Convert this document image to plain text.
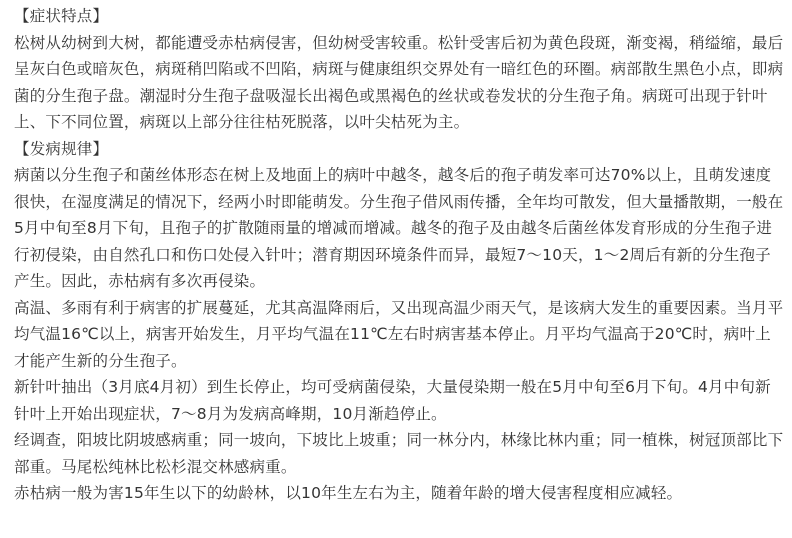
【症状特点】

松树从幼树到大树，都能遭受赤枯病侵害，但幼树受害较重。松针受害后初为黄色段斑，渐变褐，稍缢缩，最后呈灰白色或暗灰色，病斑稍凹陷或不凹陷，病斑与健康组织交界处有一暗红色的环圈。病部散生黑色小点，即病菌的分生孢子盘。潮湿时分生孢子盘吸湿长出褐色或黑褐色的丝状或卷发状的分生孢子角。病斑可出现于针叶上、下不同位置，病斑以上部分往往枯死脱落，以叶尖枯死为主。

【发病规律】

病菌以分生孢子和菌丝体形态在树上及地面上的病叶中越冬，越冬后的孢子萌发率可达70%以上，且萌发速度很快，在湿度满足的情况下，经两小时即能萌发。分生孢子借风雨传播，全年均可散发，但大量播散期，一般在5月中旬至8月下旬，且孢子的扩散随雨量的增减而增减。越冬的孢子及由越冬后菌丝体发育形成的分生孢子进行初侵染，由自然孔口和伤口处侵入针叶；潜育期因环境条件而异，最短7～10天，1～2周后有新的分生孢子产生。因此，赤枯病有多次再侵染。

高温、多雨有利于病害的扩展蔓延，尤其高温降雨后，又出现高温少雨天气，是该病大发生的重要因素。当月平均气温16℃以上，病害开始发生，月平均气温在11℃左右时病害基本停止。月平均气温高于20℃时，病叶上才能产生新的分生孢子。

新针叶抽出（3月底4月初）到生长停止，均可受病菌侵染，大量侵染期一般在5月中旬至6月下旬。4月中旬新针叶上开始出现症状，7～8月为发病高峰期，10月渐趋停止。

经调查，阳坡比阴坡感病重；同一坡向，下坡比上坡重；同一林分内，林缘比林内重；同一植株，树冠顶部比下部重。马尾松纯林比松杉混交林感病重。

赤枯病一般为害15年生以下的幼龄林，以10年生左右为主，随着年龄的增大侵害程度相应减轻。
